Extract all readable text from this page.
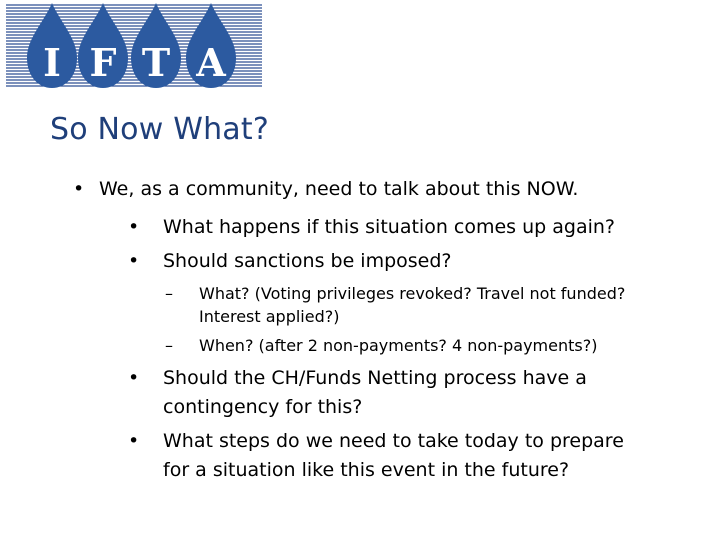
I F T A
So Now What?
• We, as a community, need to talk about this NOW.
• What happens if this situation comes up again?
• Should sanctions be imposed?
– What? (Voting privileges revoked? Travel not funded?
Interest applied?)
– When? (after 2 non-payments? 4 non-payments?)
• Should the CH/Funds Netting process have a
contingency for this?
• What steps do we need to take today to prepare
for a situation like this event in the future?
